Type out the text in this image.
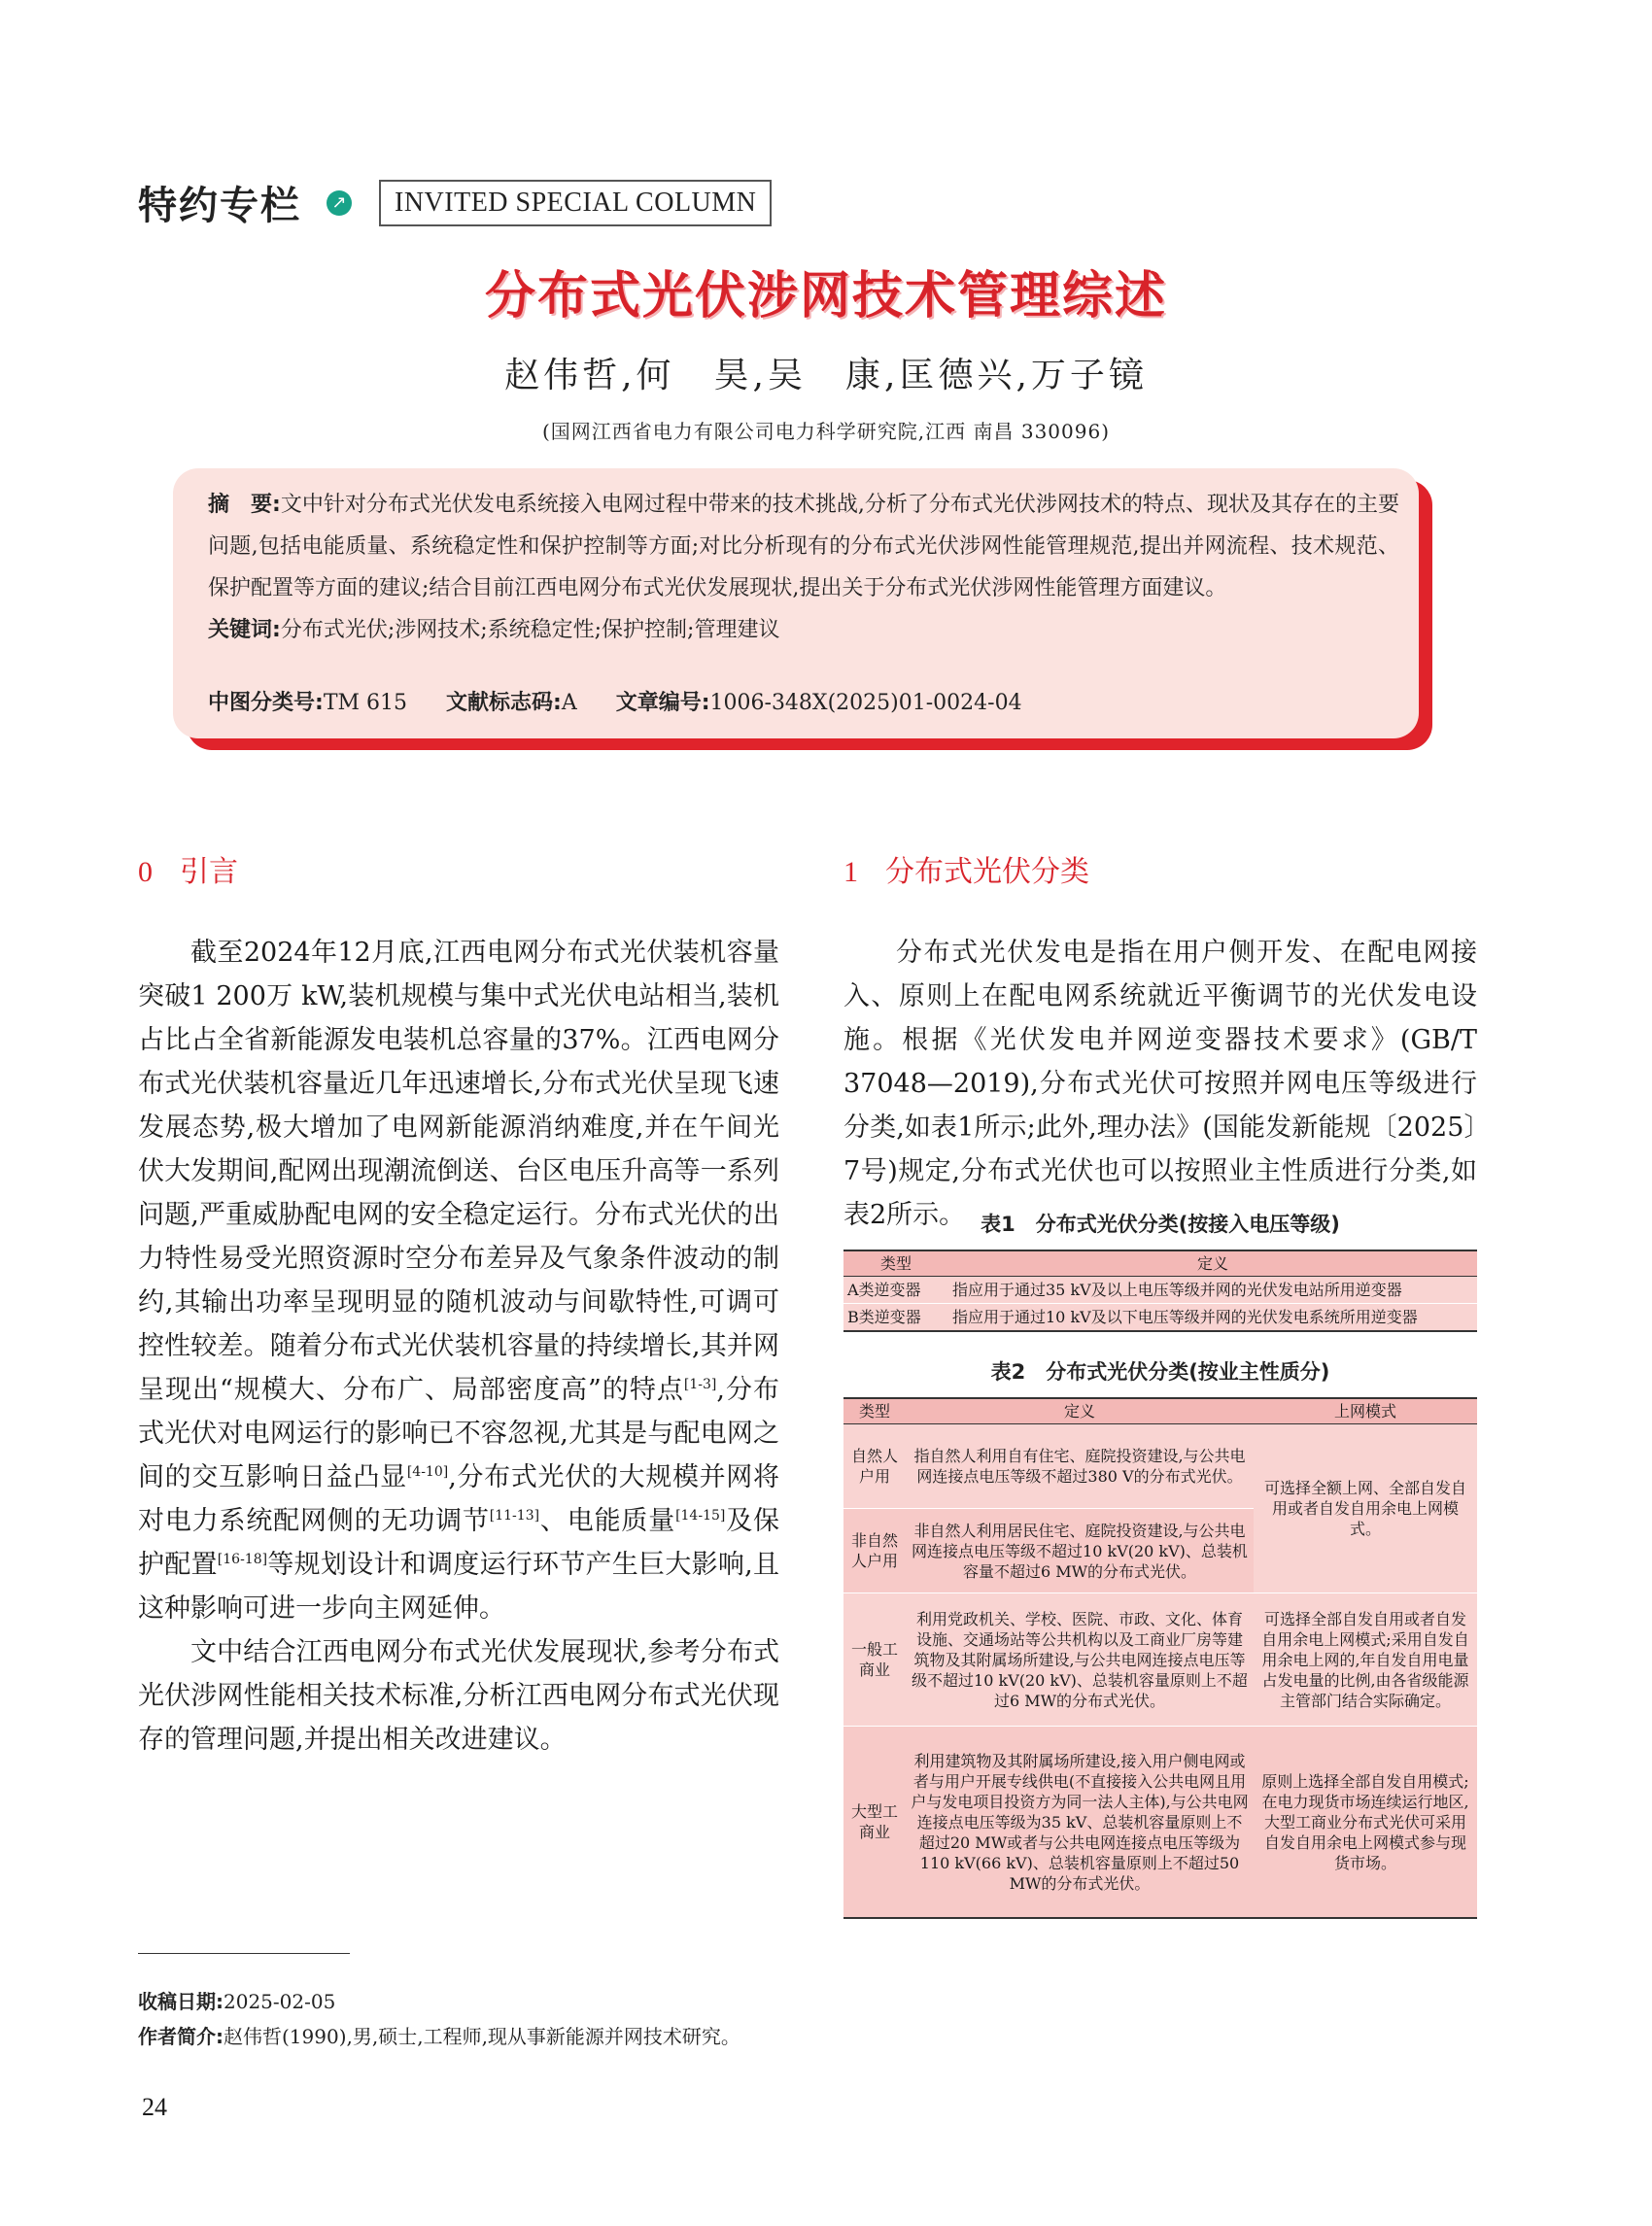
特约专栏	↗	INVITED SPECIAL COLUMN
分布式光伏涉网技术管理综述
赵伟哲,何　昊,吴　康,匡德兴,万子镜
(国网江西省电力有限公司电力科学研究院,江西 南昌 330096)
摘　要:文中针对分布式光伏发电系统接入电网过程中带来的技术挑战,分析了分布式光伏涉网技术的特点、现状及其存在的主要问题,包括电能质量、系统稳定性和保护控制等方面;对比分析现有的分布式光伏涉网性能管理规范,提出并网流程、技术规范、保护配置等方面的建议;结合目前江西电网分布式光伏发展现状,提出关于分布式光伏涉网性能管理方面建议。
关键词:分布式光伏;涉网技术;系统稳定性;保护控制;管理建议
中图分类号:TM 615 文献标志码:A 文章编号:1006-348X(2025)01-0024-04
0 引言

截至2024年12月底,江西电网分布式光伏装机容量突破1 200万 kW,装机规模与集中式光伏电站相当,装机占比占全省新能源发电装机总容量的37%。江西电网分布式光伏装机容量近几年迅速增长,分布式光伏呈现飞速发展态势,极大增加了电网新能源消纳难度,并在午间光伏大发期间,配网出现潮流倒送、台区电压升高等一系列问题,严重威胁配电网的安全稳定运行。分布式光伏的出力特性易受光照资源时空分布差异及气象条件波动的制约,其输出功率呈现明显的随机波动与间歇特性,可调可控性较差。随着分布式光伏装机容量的持续增长,其并网呈现出“规模大、分布广、局部密度高”的特点[1-3],分布式光伏对电网运行的影响已不容忽视,尤其是与配电网之间的交互影响日益凸显[4-10],分布式光伏的大规模并网将对电力系统配网侧的无功调节[11-13]、电能质量[14-15]及保护配置[16-18]等规划设计和调度运行环节产生巨大影响,且这种影响可进一步向主网延伸。

文中结合江西电网分布式光伏发展现状,参考分布式光伏涉网性能相关技术标准,分析江西电网分布式光伏现存的管理问题,并提出相关改进建议。

1 分布式光伏分类

分布式光伏发电是指在用户侧开发、在配电网接入、原则上在配电网系统就近平衡调节的光伏发电设施。根据《光伏发电并网逆变器技术要求》(GB/T 37048—2019),分布式光伏可按照并网电压等级进行分类,如表1所示;此外,理办法》(国能发新能规〔2025〕7号)规定,分布式光伏也可以按照业主性质进行分类,如表2所示。 表1　分布式光伏分类(按接入电压等级)
类型	定义
A类逆变器	指应用于通过35 kV及以上电压等级并网的光伏发电站所用逆变器
B类逆变器	指应用于通过10 kV及以下电压等级并网的光伏发电系统所用逆变器
表2　分布式光伏分类(按业主性质分)
类型	定义	上网模式
自然人户用	指自然人利用自有住宅、庭院投资建设,与公共电网连接点电压等级不超过380 V的分布式光伏。	可选择全额上网、全部自发自用或者自发自用余电上网模式。
非自然人户用	非自然人利用居民住宅、庭院投资建设,与公共电网连接点电压等级不超过10 kV(20 kV)、总装机容量不超过6 MW的分布式光伏。	
一般工商业	利用党政机关、学校、医院、市政、文化、体育设施、交通场站等公共机构以及工商业厂房等建筑物及其附属场所建设,与公共电网连接点电压等级不超过10 kV(20 kV)、总装机容量原则上不超过6 MW的分布式光伏。	可选择全部自发自用或者自发自用余电上网模式;采用自发自用余电上网的,年自发自用电量占发电量的比例,由各省级能源主管部门结合实际确定。
大型工商业	利用建筑物及其附属场所建设,接入用户侧电网或者与用户开展专线供电(不直接接入公共电网且用户与发电项目投资方为同一法人主体),与公共电网连接点电压等级为35 kV、总装机容量原则上不超过20 MW或者与公共电网连接点电压等级为110 kV(66 kV)、总装机容量原则上不超过50 MW的分布式光伏。	原则上选择全部自发自用模式;在电力现货市场连续运行地区,大型工商业分布式光伏可采用自发自用余电上网模式参与现货市场。
收稿日期:2025-02-05
作者简介:赵伟哲(1990),男,硕士,工程师,现从事新能源并网技术研究。
24
